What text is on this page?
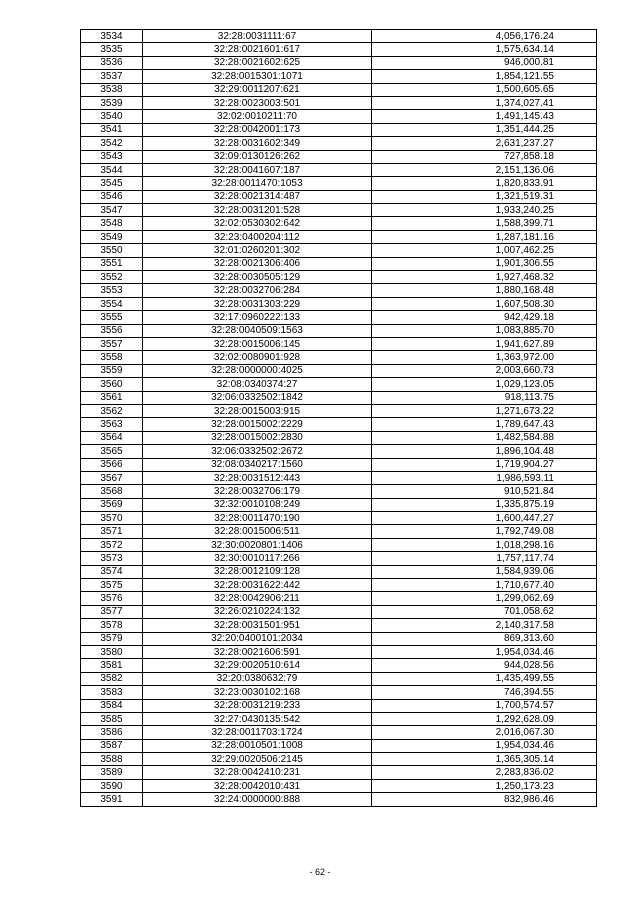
3534	32:28:0031111:67	4,056,176.24
3535	32:28:0021601:617	1,575,634.14
3536	32:28:0021602:625	946,000.81
3537	32:28:0015301:1071	1,854,121.55
3538	32:29:0011207:621	1,500,605.65
3539	32:28:0023003:501	1,374,027.41
3540	32:02:0010211:70	1,491,145.43
3541	32:28:0042001:173	1,351,444.25
3542	32:28:0031602:349	2,631,237.27
3543	32:09:0130126:262	727,858.18
3544	32:28:0041607:187	2,151,136.06
3545	32:28:0011470:1053	1,820,833.91
3546	32:28:0021314:487	1,321,519.31
3547	32:28:0031201:528	1,933,240.25
3548	32:02:0530302:642	1,588,399.71
3549	32:23:0400204:112	1,287,181.16
3550	32:01:0260201:302	1,007,462.25
3551	32:28:0021306:406	1,901,306.55
3552	32:28:0030505:129	1,927,468.32
3553	32:28:0032706:284	1,880,168.48
3554	32:28:0031303:229	1,607,508.30
3555	32:17:0960222:133	942,429.18
3556	32:28:0040509:1563	1,083,885.70
3557	32:28:0015006:145	1,941,627.89
3558	32:02:0080901:928	1,363,972.00
3559	32:28:0000000:4025	2,003,660.73
3560	32:08:0340374:27	1,029,123.05
3561	32:06:0332502:1842	918,113.75
3562	32:28:0015003:915	1,271,673.22
3563	32:28:0015002:2229	1,789,647.43
3564	32:28:0015002:2830	1,482,584.88
3565	32:06:0332502:2672	1,896,104.48
3566	32:08:0340217:1560	1,719,904.27
3567	32:28:0031512:443	1,986,593.11
3568	32:28:0032706:179	910,521.84
3569	32:32:0010108:249	1,335,875.19
3570	32:28:0011470:190	1,600,447.27
3571	32:28:0015006:511	1,792,749.08
3572	32:30:0020801:1406	1,018,298.16
3573	32:30:0010117:266	1,757,117.74
3574	32:28:0012109:128	1,584,939.06
3575	32:28:0031622:442	1,710,677.40
3576	32:28:0042906:211	1,299,062.69
3577	32:26:0210224:132	701,058.62
3578	32:28:0031501:951	2,140,317.58
3579	32:20:0400101:2034	869,313.60
3580	32:28:0021606:591	1,954,034.46
3581	32:29:0020510:614	944,028.56
3582	32:20:0380632:79	1,435,499.55
3583	32:23:0030102:168	746,394.55
3584	32:28:0031219:233	1,700,574.57
3585	32:27:0430135:542	1,292,628.09
3586	32:28:0011703:1724	2,016,067.30
3587	32:28:0010501:1008	1,954,034.46
3588	32:29:0020506:2145	1,365,305.14
3589	32:28:0042410:231	2,283,836.02
3590	32:28:0042010:431	1,250,173.23
3591	32:24:0000000:888	832,986.46
- 62 -
